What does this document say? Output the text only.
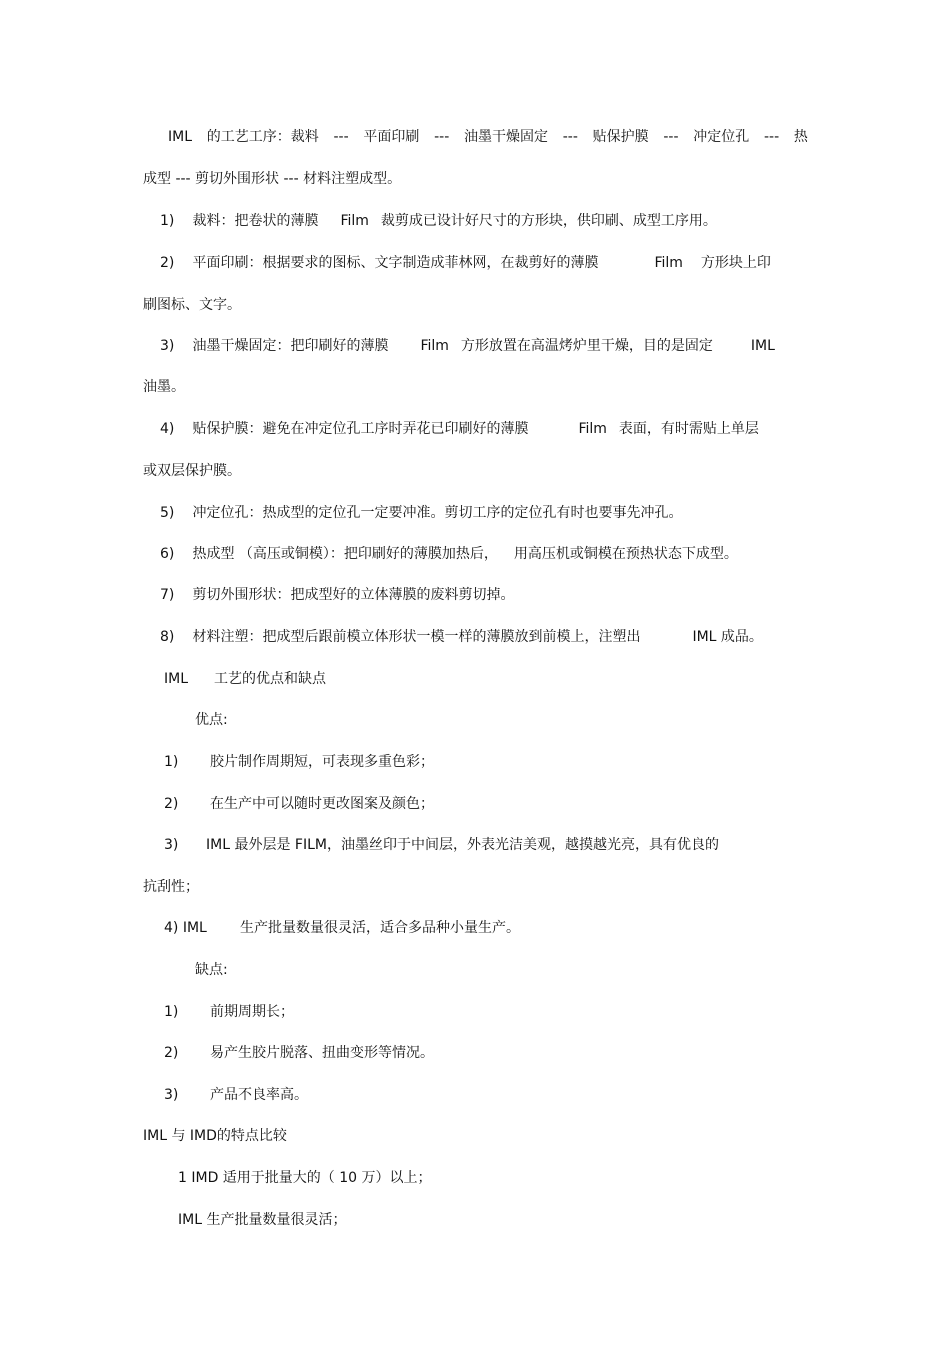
IML 的工艺工序：裁料 --- 平面印刷 --- 油墨干燥固定 --- 贴保护膜 --- 冲定位孔 --- 热
成型 --- 剪切外围形状 --- 材料注塑成型。
1) 裁料：把卷状的薄膜 Film 裁剪成已设计好尺寸的方形块，供印刷、成型工序用。
2) 平面印刷：根据要求的图标、文字制造成菲林网，在裁剪好的薄膜	Film 方形块上印
刷图标、文字。
3) 油墨干燥固定：把印刷好的薄膜 Film 方形放置在高温烤炉里干燥，目的是固定	IML
油墨。
4) 贴保护膜：避免在冲定位孔工序时弄花已印刷好的薄膜	Film 表面，有时需贴上单层
或双层保护膜。
5) 冲定位孔：热成型的定位孔一定要冲准。剪切工序的定位孔有时也要事先冲孔。
6) 热成型 （高压或铜模）：把印刷好的薄膜加热后， 用高压机或铜模在预热状态下成型。
7) 剪切外围形状：把成型好的立体薄膜的废料剪切掉。
8) 材料注塑：把成型后跟前模立体形状一模一样的薄膜放到前模上，注塑出	IML 成品。
IML 工艺的优点和缺点
优点:
1) 胶片制作周期短，可表现多重色彩；
2) 在生产中可以随时更改图案及颜色；
3) IML 最外层是 FILM，油墨丝印于中间层，外表光洁美观，越摸越光亮，具有优良的
抗刮性；
4) IML 生产批量数量很灵活，适合多品种小量生产。
缺点:
1) 前期周期长；
2) 易产生胶片脱落、扭曲变形等情况。
3) 产品不良率高。
IML 与 IMD的特点比较
1 IMD 适用于批量大的（ 10 万）以上；
IML 生产批量数量很灵活；
